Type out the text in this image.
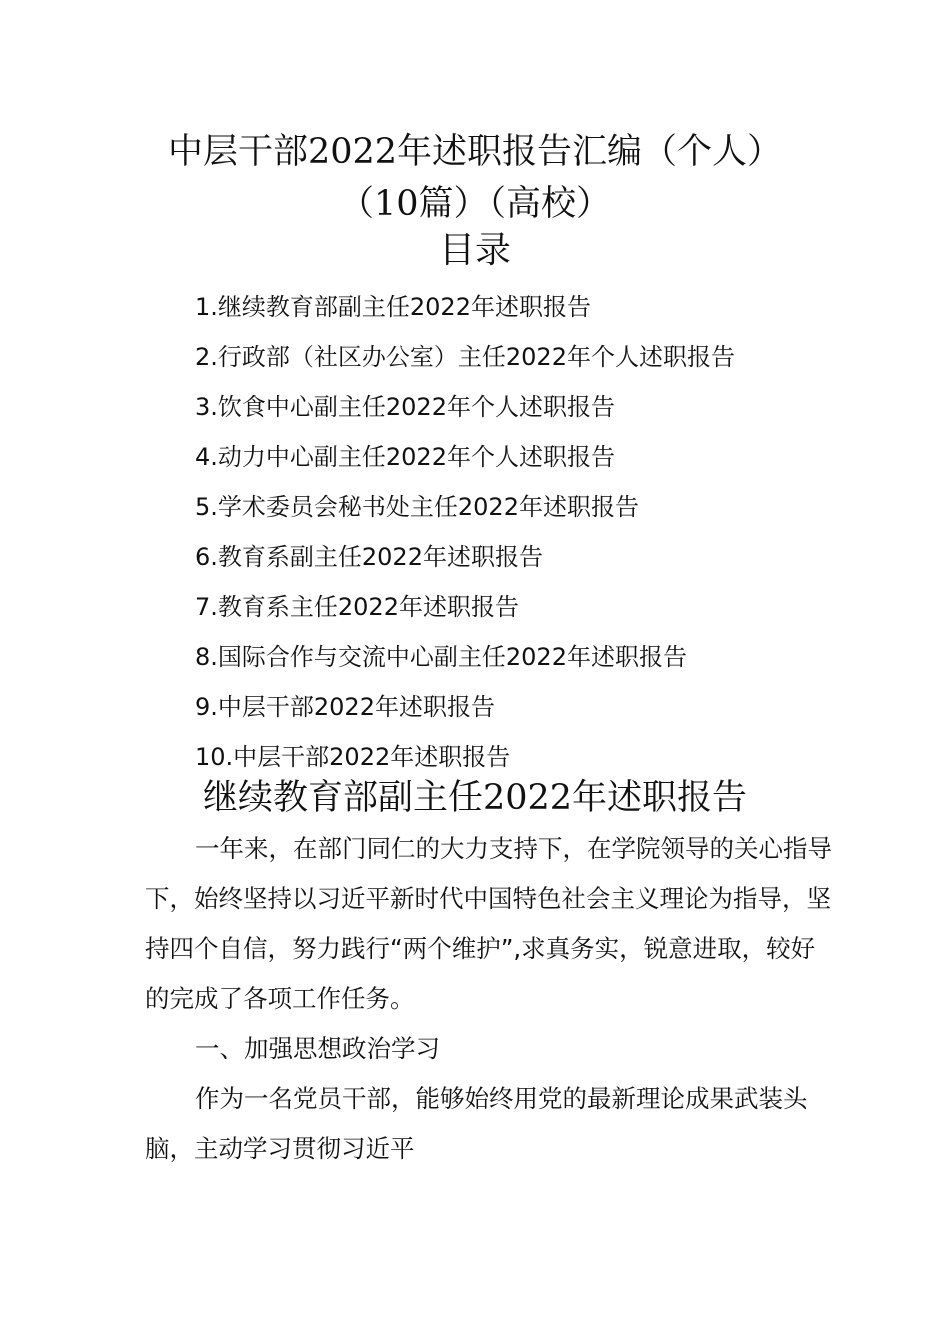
中层干部2022年述职报告汇编（个人）
（10篇）（高校）
目录
1.继续教育部副主任2022年述职报告
2.行政部（社区办公室）主任2022年个人述职报告
3.饮食中心副主任2022年个人述职报告
4.动力中心副主任2022年个人述职报告
5.学术委员会秘书处主任2022年述职报告
6.教育系副主任2022年述职报告
7.教育系主任2022年述职报告
8.国际合作与交流中心副主任2022年述职报告
9.中层干部2022年述职报告
10.中层干部2022年述职报告
继续教育部副主任2022年述职报告

一年来，在部门同仁的大力支持下，在学院领导的关心指导下，始终坚持以习近平新时代中国特色社会主义理论为指导，坚持四个自信，努力践行“两个维护”,求真务实，锐意进取，较好的完成了各项工作任务。

一、加强思想政治学习

作为一名党员干部，能够始终用党的最新理论成果武装头脑，主动学习贯彻习近平
